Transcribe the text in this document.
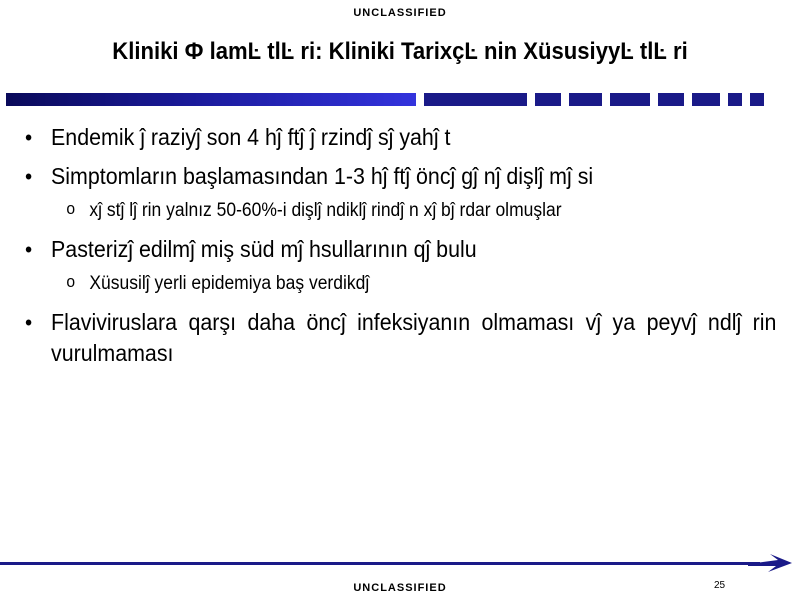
UNCLASSIFIED
Kliniki Ф lamĿ tlĿ ri: Kliniki TarixçĿ nin XüsusiyyĿ tlĿ ri
• Endemik ĵ raziyĵ son 4 hĵ ftĵ ĵ rzindĵ sĵ yahĵ t
• Simptomların başlamasından 1-3 hĵ ftĵ öncĵ gĵ nĵ dişlĵ mĵ si
o xĵ stĵ lĵ rin yalnız 50-60%-i dişlĵ ndiklĵ rindĵ n xĵ bĵ rdar olmuşlar
• Pasterizĵ edilmĵ miş süd mĵ hsullarının qĵ bulu
o Xüsusilĵ yerli epidemiya baş verdikdĵ
• Flaviviruslara qarşı daha öncĵ infeksiyanın olmaması vĵ ya peyvĵ ndlĵ rin vurulmaması
25
UNCLASSIFIED
